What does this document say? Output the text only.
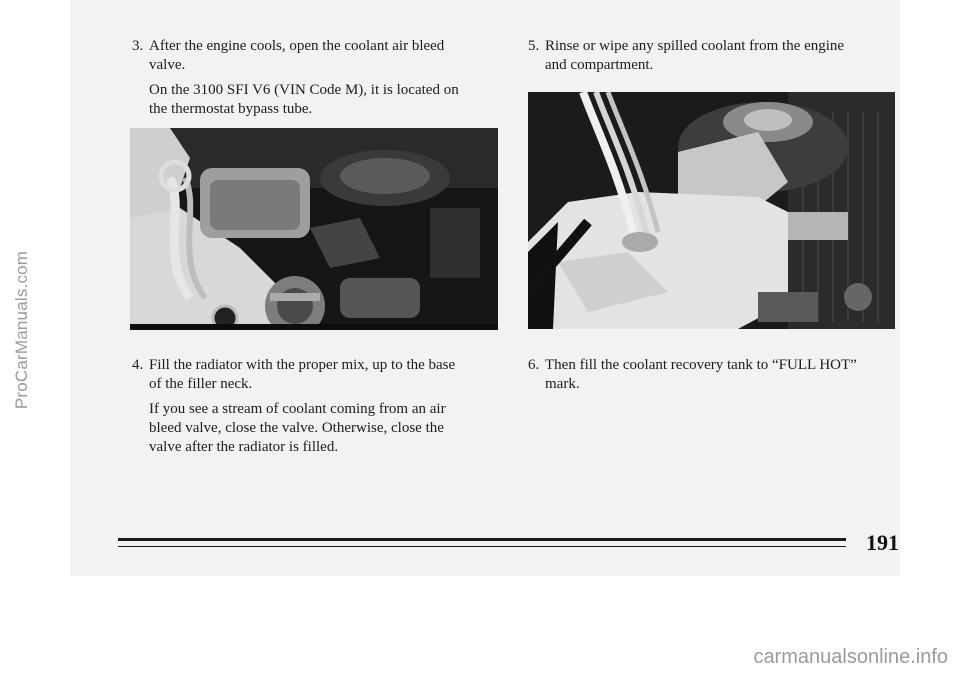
ProCarManuals.com
carmanualsonline.info
3. After the engine cools, open the coolant air bleed
valve.
On the 3100 SFI V6 (VIN Code M), it is located on
the thermostat bypass tube.
4. Fill the radiator with the proper mix, up to the base
of the filler neck.
If you see a stream of coolant coming from an air
bleed valve, close the valve. Otherwise, close the
valve after the radiator is filled.
5. Rinse or wipe any spilled coolant from the engine
and compartment.
6. Then fill the coolant recovery tank to “FULL HOT”
mark.
191
